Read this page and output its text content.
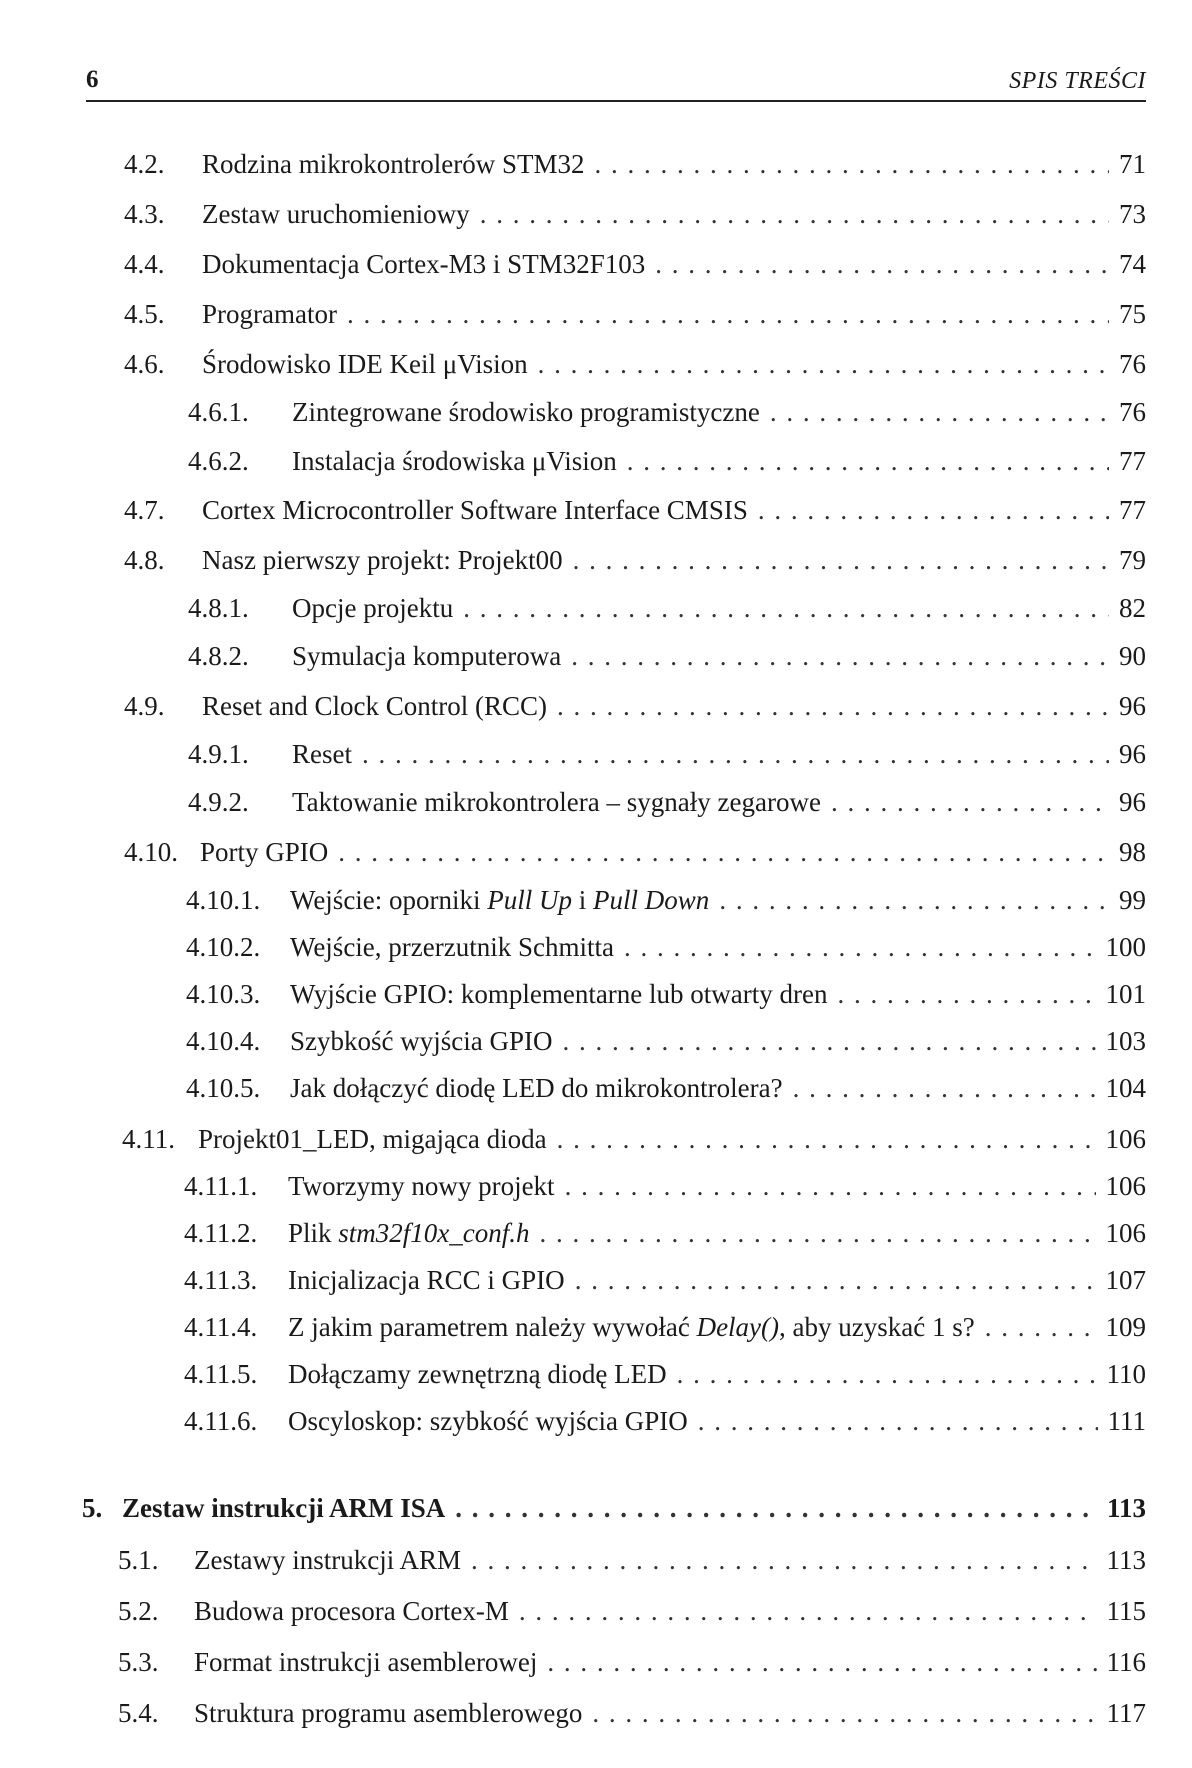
6	SPIS TREŚCI
4.2.	Rodzina mikrokontrolerów STM32 . . .	71
4.3.	Zestaw uruchomieniowy . . .	73
4.4.	Dokumentacja Cortex-M3 i STM32F103 . . .	74
4.5.	Programator . . .	75
4.6.	Środowisko IDE Keil μVision . . .	76
4.6.1.	Zintegrowane środowisko programistyczne . . .	76
4.6.2.	Instalacja środowiska μVision . . .	77
4.7.	Cortex Microcontroller Software Interface CMSIS . . .	77
4.8.	Nasz pierwszy projekt: Projekt00 . . .	79
4.8.1.	Opcje projektu . . .	82
4.8.2.	Symulacja komputerowa . . .	90
4.9.	Reset and Clock Control (RCC) . . .	96
4.9.1.	Reset . . .	96
4.9.2.	Taktowanie mikrokontrolera – sygnały zegarowe . . .	96
4.10. Porty GPIO . . .	98
4.10.1.	Wejście: oporniki Pull Up i Pull Down . . .	99
4.10.2.	Wejście, przerzutnik Schmitta . . .	100
4.10.3.	Wyjście GPIO: komplementarne lub otwarty dren . . .	101
4.10.4.	Szybkość wyjścia GPIO . . .	103
4.10.5.	Jak dołączyć diodę LED do mikrokontrolera? . . .	104
4.11. Projekt01_LED, migająca dioda . . .	106
4.11.1.	Tworzymy nowy projekt . . .	106
4.11.2.	Plik stm32f10x_conf.h . . .	106
4.11.3.	Inicjalizacja RCC i GPIO . . .	107
4.11.4.	Z jakim parametrem należy wywołać Delay(), aby uzyskać 1 s? . . .	109
4.11.5.	Dołączamy zewnętrzną diodę LED . . .	110
4.11.6.	Oscyloskop: szybkość wyjścia GPIO . . .	111
5. Zestaw instrukcji ARM ISA . . .	113
5.1.	Zestawy instrukcji ARM . . .	113
5.2.	Budowa procesora Cortex-M . . .	115
5.3.	Format instrukcji asemblerowej . . .	116
5.4.	Struktura programu asemblerowego . . .	117
